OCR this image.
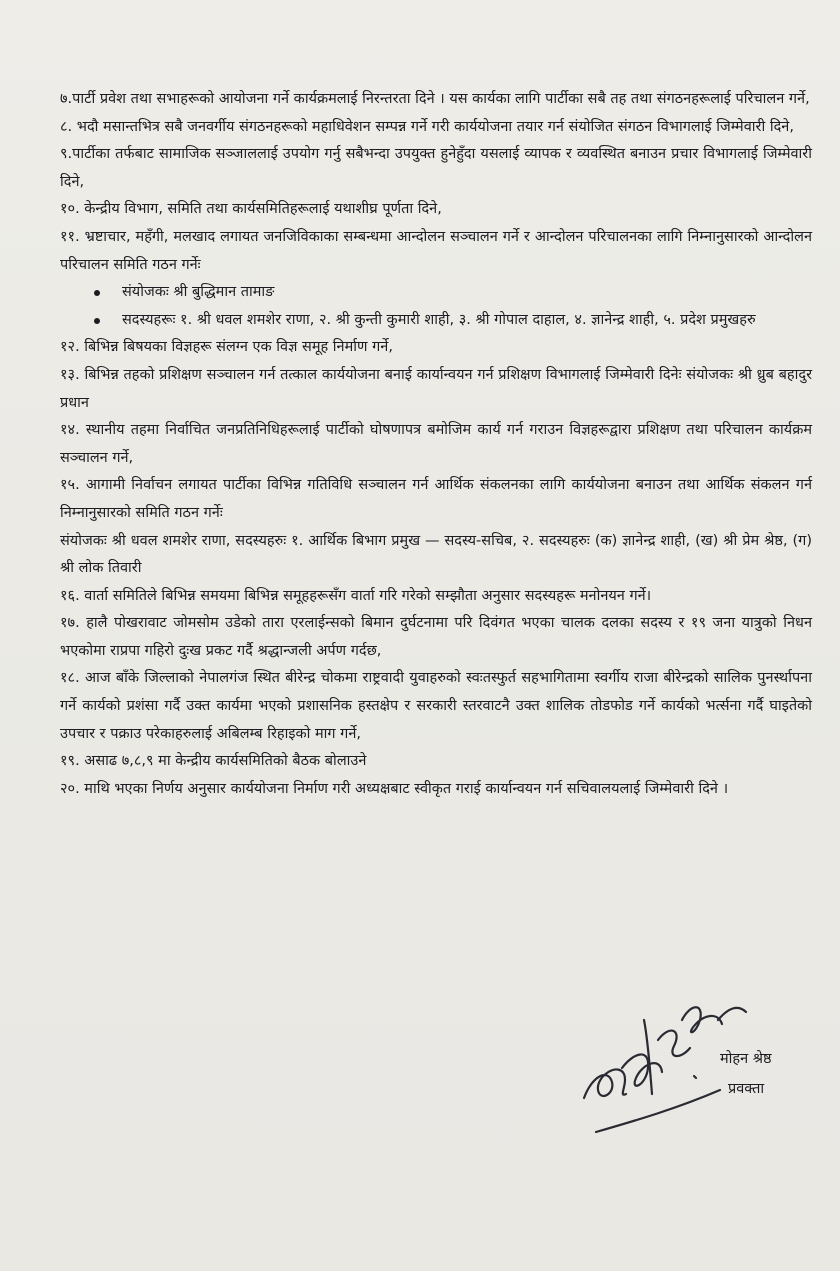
७.पार्टी प्रवेश तथा सभाहरूको आयोजना गर्ने कार्यक्रमलाई निरन्तरता दिने । यस कार्यका लागि पार्टीका सबै तह तथा संगठनहरूलाई परिचालन गर्ने,

८. भदौ मसान्तभित्र सबै जनवर्गीय संगठनहरूको महाधिवेशन सम्पन्न गर्ने गरी कार्ययोजना तयार गर्न संयोजित संगठन विभागलाई जिम्मेवारी दिने,

९.पार्टीका तर्फबाट सामाजिक सञ्जाललाई उपयोग गर्नु सबैभन्दा उपयुक्त हुनेहुँदा यसलाई व्यापक र व्यवस्थित बनाउन प्रचार विभागलाई जिम्मेवारी दिने,

१०. केन्द्रीय विभाग, समिति तथा कार्यसमितिहरूलाई यथाशीघ्र पूर्णता दिने,

११. भ्रष्टाचार, महँगी, मलखाद लगायत जनजिविकाका सम्बन्धमा आन्दोलन सञ्चालन गर्ने र आन्दोलन परिचालनका लागि निम्नानुसारको आन्दोलन परिचालन समिति गठन गर्नेः

संयोजकः श्री बुद्धिमान तामाङ
सदस्यहरूः १. श्री धवल शमशेर राणा, २. श्री कुन्ती कुमारी शाही, ३. श्री गोपाल दाहाल, ४. ज्ञानेन्द्र शाही, ५. प्रदेश प्रमुखहरु

१२. बिभिन्न बिषयका विज्ञहरू संलग्न एक विज्ञ समूह निर्माण गर्ने,

१३. बिभिन्न तहको प्रशिक्षण सञ्चालन गर्न तत्काल कार्ययोजना बनाई कार्यान्वयन गर्न प्रशिक्षण विभागलाई जिम्मेवारी दिनेः संयोजकः श्री ध्रुब बहादुर प्रधान

१४. स्थानीय तहमा निर्वाचित जनप्रतिनिधिहरूलाई पार्टीको घोषणापत्र बमोजिम कार्य गर्न गराउन विज्ञहरूद्वारा प्रशिक्षण तथा परिचालन कार्यक्रम सञ्चालन गर्ने,

१५. आगामी निर्वाचन लगायत पार्टीका विभिन्न गतिविधि सञ्चालन गर्न आर्थिक संकलनका लागि कार्ययोजना बनाउन तथा आर्थिक संकलन गर्न निम्नानुसारको समिति गठन गर्नेः

संयोजकः श्री धवल शमशेर राणा, सदस्यहरुः १. आर्थिक बिभाग प्रमुख — सदस्य-सचिब, २. सदस्यहरुः (क) ज्ञानेन्द्र शाही, (ख) श्री प्रेम श्रेष्ठ, (ग) श्री लोक तिवारी

१६. वार्ता समितिले बिभिन्न समयमा बिभिन्न समूहहरूसँग वार्ता गरि गरेको सम्झौता अनुसार सदस्यहरू मनोनयन गर्ने।

१७. हालै पोखरावाट जोमसोम उडेको तारा एरलाईन्सको बिमान दुर्घटनामा परि दिवंगत भएका चालक दलका सदस्य र १९ जना यात्रुको निधन भएकोमा राप्रपा गहिरो दुःख प्रकट गर्दै श्रद्धान्जली अर्पण गर्दछ,

१८. आज बाँके जिल्लाको नेपालगंज स्थित बीरेन्द्र चोकमा राष्ट्रवादी युवाहरुको स्वःतस्फुर्त सहभागितामा स्वर्गीय राजा बीरेन्द्रको सालिक पुनर्स्थापना गर्ने कार्यको प्रशंसा गर्दै उक्त कार्यमा भएको प्रशासनिक हस्तक्षेप र सरकारी स्तरवाटनै उक्त शालिक तोडफोड गर्ने कार्यको भर्त्सना गर्दै घाइतेको उपचार र पक्राउ परेकाहरुलाई अबिलम्ब रिहाइको माग गर्ने,

१९. असाढ ७,८,९ मा केन्द्रीय कार्यसमितिको बैठक बोलाउने

२०. माथि भएका निर्णय अनुसार कार्ययोजना निर्माण गरी अध्यक्षबाट स्वीकृत गराई कार्यान्वयन गर्न सचिवालयलाई जिम्मेवारी दिने ।

मोहन श्रेष्ठ
प्रवक्ता
